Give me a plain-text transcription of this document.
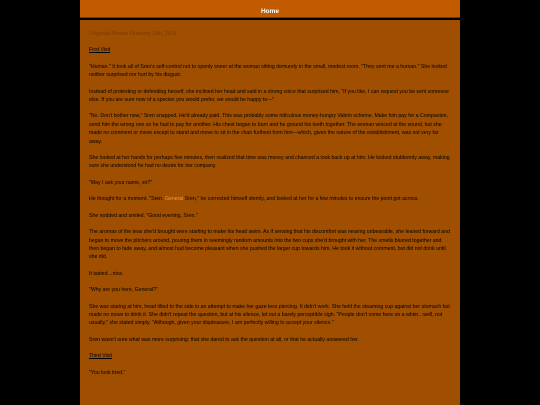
Home
Originally Posted February 13th, 2014
First Visit

"Human." It took all of Sren's self-control not to openly sneer at the woman sitting demurely in the small, modest room. "They sent me a human." She looked neither surprised nor hurt by his disgust.

Instead of protesting or defending herself, she inclined her head and said in a strong voice that surprised him, "If you like, I can request you be sent someone else. If you are sure now of a species you would prefer, we would be happy to—"

"No. Don't bother now," Sren snapped. He'd already paid. This was probably some ridiculous money-hungry Vabrin scheme. Make him pay for a Companion, send him the wrong one so he had to pay for another. His chest began to burn and he ground his teeth together. The woman winced at the sound, but she made no comment or move except to stand and move to sit in the chair furthest from him—which, given the nature of the establishment, was not very far away.

She looked at her hands for perhaps five minutes, then realized that time was money and chanced a look back up at him. He looked stubbornly away, making sure she understood he had no desire for her company.

"May I ask your name, sir?"

He thought for a moment. "Sren. General Sren," he corrected himself sternly, and looked at her for a few minutes to ensure the point got across.

She nodded and smiled. "Good evening, Sren."

The aromas of the teas she'd brought were starting to make his head swim. As if sensing that his discomfort was nearing unbearable, she leaned forward and began to move the pitchers around, pouring them in seemingly random amounts into the two cups she'd brought with her. The smells blurred together and then began to fade away, and almost had become pleasant when she pushed the larger cup towards him. He took it without comment, but did not drink until she did.

It tasted…nice.

"Why are you here, General?"

She was staring at him, head tilted to the side in an attempt to make her gaze less piercing. It didn't work. She held the steaming cup against her stomach but made no move to drink it. She didn't repeat the question, but at his silence, let out a barely perceptible sigh. "People don't come here on a whim…well, not usually," she stated simply. "Although, given your displeasure, I am perfectly willing to accept your silence."

Sren wasn't sure what was more surprising: that she dared to ask the question at all, or that he actually answered her.

Third Visit

"You look tired."
